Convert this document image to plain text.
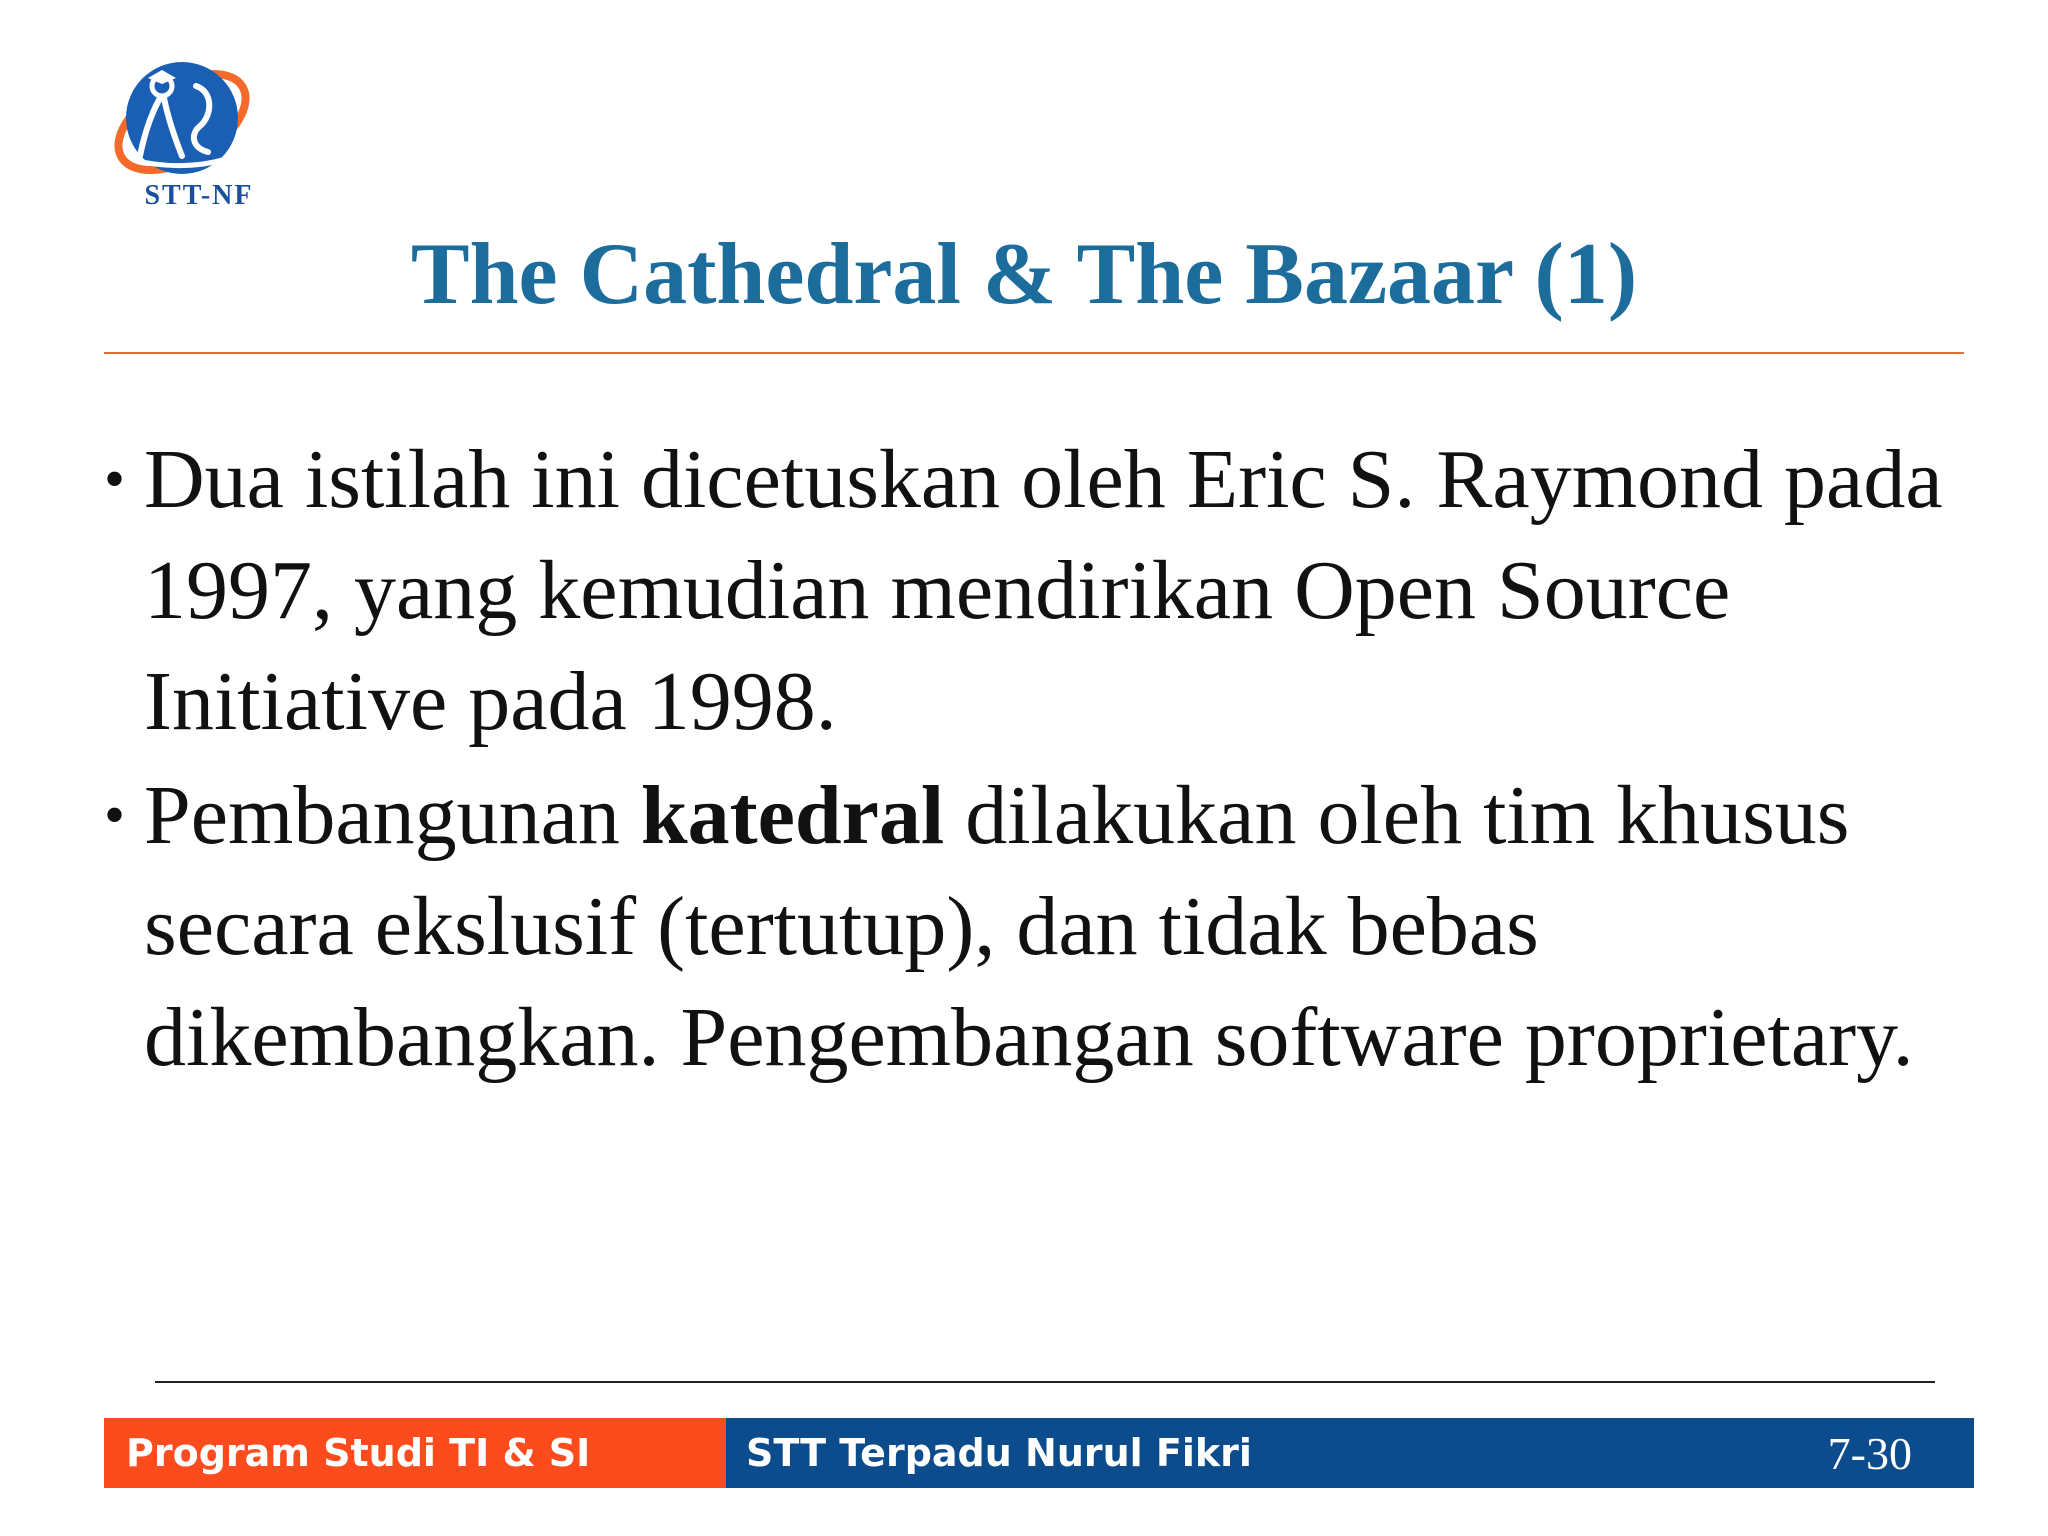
STT-NF
The Cathedral & The Bazaar (1)
• Dua istilah ini dicetuskan oleh Eric S. Raymond pada 1997, yang kemudian mendirikan Open Source Initiative pada 1998.
• Pembangunan katedral dilakukan oleh tim khusus secara ekslusif (tertutup), dan tidak bebas dikembangkan. Pengembangan software proprietary.
Program Studi TI & SI	STT Terpadu Nurul Fikri	7-30
